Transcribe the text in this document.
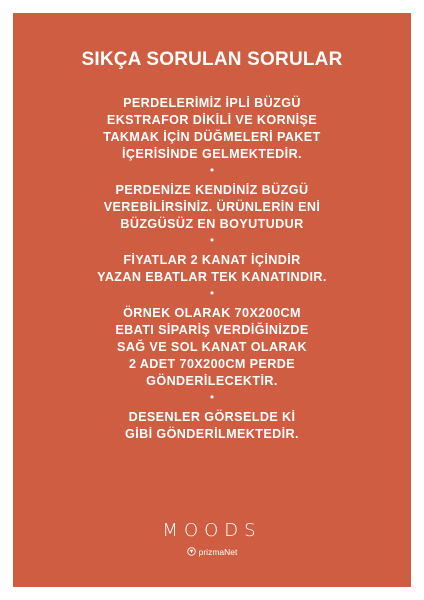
SIKÇA SORULAN SORULAR
PERDELERİMİZ İPLİ BÜZGÜ
EKSTRAFOR DİKİLİ VE KORNİŞE
TAKMAK İÇİN DÜĞMELERİ PAKET
İÇERİSİNDE GELMEKTEDİR.
•
PERDENİZE KENDİNİZ BÜZGÜ
VEREBİLİRSİNİZ. ÜRÜNLERİN ENİ
BÜZGÜSÜZ EN BOYUTUDUR
•
FİYATLAR 2 KANAT İÇİNDİR
YAZAN EBATLAR TEK KANATINDIR.
•
ÖRNEK OLARAK 70X200CM
EBATI SİPARİŞ VERDİĞİNİZDE
SAĞ VE SOL KANAT OLARAK
2 ADET 70X200CM PERDE
GÖNDERİLECEKTİR.
•
DESENLER GÖRSELDE Kİ
GİBİ GÖNDERİLMEKTEDİR.
MOODS
prizmaNet
